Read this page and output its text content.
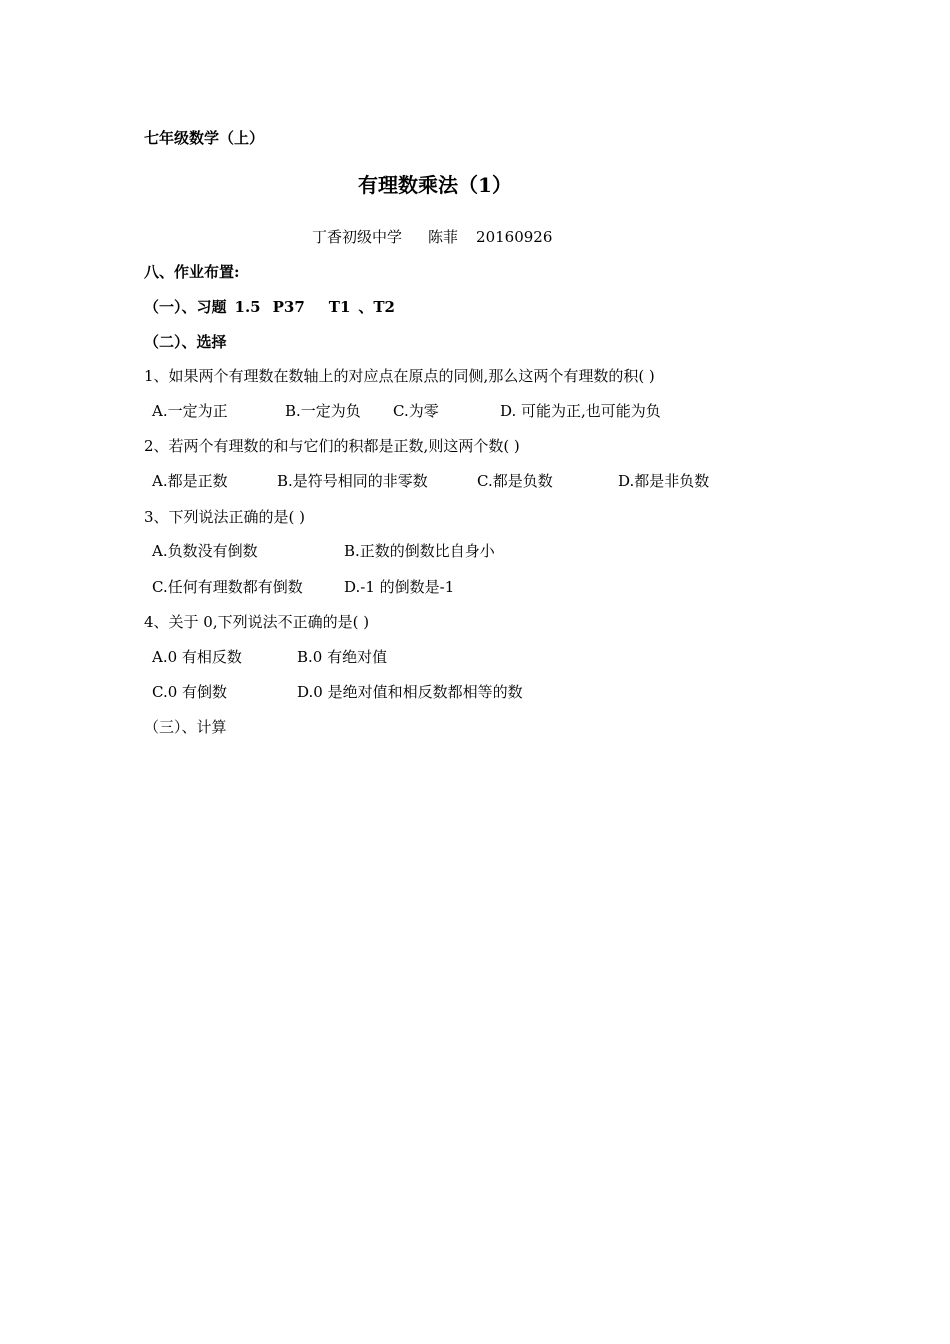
七年级数学（上）
有理数乘法（1）
丁香初级中学 陈菲 20160926
八、作业布置:
（一）、习题 1.5 P37 T1 、T2
（二）、选择
1、如果两个有理数在数轴上的对应点在原点的同侧,那么这两个有理数的积( )
A.一定为正	B.一定为负 C.为零	D. 可能为正,也可能为负
2、若两个有理数的和与它们的积都是正数,则这两个数( )
A.都是正数	B.是符号相同的非零数	C.都是负数	D.都是非负数
3、下列说法正确的是( )
A.负数没有倒数	B.正数的倒数比自身小
C.任何有理数都有倒数	D.-1 的倒数是-1
4、关于 0,下列说法不正确的是( )
A.0 有相反数	B.0 有绝对值
C.0 有倒数	D.0 是绝对值和相反数都相等的数
（三）、计算
